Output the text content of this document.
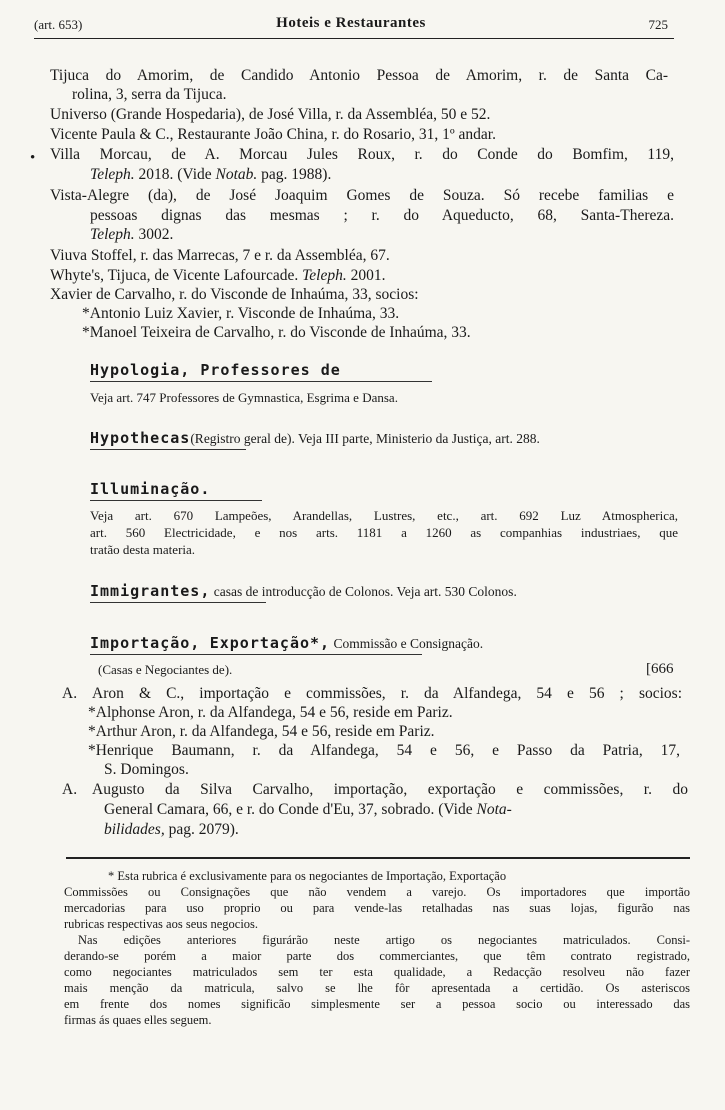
(art. 653)	Hoteis e Restaurantes	725
Tijuca do Amorim, de Candido Antonio Pessoa de Amorim, r. de Santa Ca-
rolina, 3, serra da Tijuca.
Universo (Grande Hospedaria), de José Villa, r. da Assembléa, 50 e 52.
Vicente Paula & C., Restaurante João China, r. do Rosario, 31, 1º andar.
• Villa Morcau, de A. Morcau Jules Roux, r. do Conde do Bomfim, 119,
Teleph. 2018. (Vide Notab. pag. 1988).
Vista-Alegre (da), de José Joaquim Gomes de Souza. Só recebe familias e
pessoas dignas das mesmas ; r. do Aqueducto, 68, Santa-Thereza.
Teleph. 3002.
Viuva Stoffel, r. das Marrecas, 7 e r. da Assembléa, 67.
Whyte's, Tijuca, de Vicente Lafourcade. Teleph. 2001.
Xavier de Carvalho, r. do Visconde de Inhaúma, 33, socios:
*Antonio Luiz Xavier, r. Visconde de Inhaúma, 33.
*Manoel Teixeira de Carvalho, r. do Visconde de Inhaúma, 33.
Hypologia, Professores de
Veja art. 747 Professores de Gymnastica, Esgrima e Dansa.
Hypothecas(Registro geral de). Veja III parte, Ministerio da Justiça, art. 288.
Illuminação.
Veja art. 670 Lampeões, Arandellas, Lustres, etc., art. 692 Luz Atmospherica,
art. 560 Electricidade, e nos arts. 1181 a 1260 as companhias industriaes, que
tratão desta materia.
Immigrantes, casas de introducção de Colonos. Veja art. 530 Colonos.
Importação, Exportação*, Commissão e Consignação.
(Casas e Negociantes de).	[666
A. Aron & C., importação e commissões, r. da Alfandega, 54 e 56 ; socios:
*Alphonse Aron, r. da Alfandega, 54 e 56, reside em Pariz.
*Arthur Aron, r. da Alfandega, 54 e 56, reside em Pariz.
*Henrique Baumann, r. da Alfandega, 54 e 56, e Passo da Patria, 17,
S. Domingos.
A. Augusto da Silva Carvalho, importação, exportação e commissões, r. do
General Camara, 66, e r. do Conde d'Eu, 37, sobrado. (Vide Nota-
bilidades, pag. 2079).
* Esta rubrica é exclusivamente para os negociantes de Importação, Exportação
Commissões ou Consignações que não vendem a varejo. Os importadores que importão
mercadorias para uso proprio ou para vende-las retalhadas nas suas lojas, figurão nas
rubricas respectivas aos seus negocios.
Nas edições anteriores figurárão neste artigo os negociantes matriculados. Consi-
derando-se porém a maior parte dos commerciantes, que têm contrato registrado,
como negociantes matriculados sem ter esta qualidade, a Redacção resolveu não fazer
mais menção da matricula, salvo se lhe fôr apresentada a certidão. Os asteriscos
em frente dos nomes significão simplesmente ser a pessoa socio ou interessado das
firmas ás quaes elles seguem.
